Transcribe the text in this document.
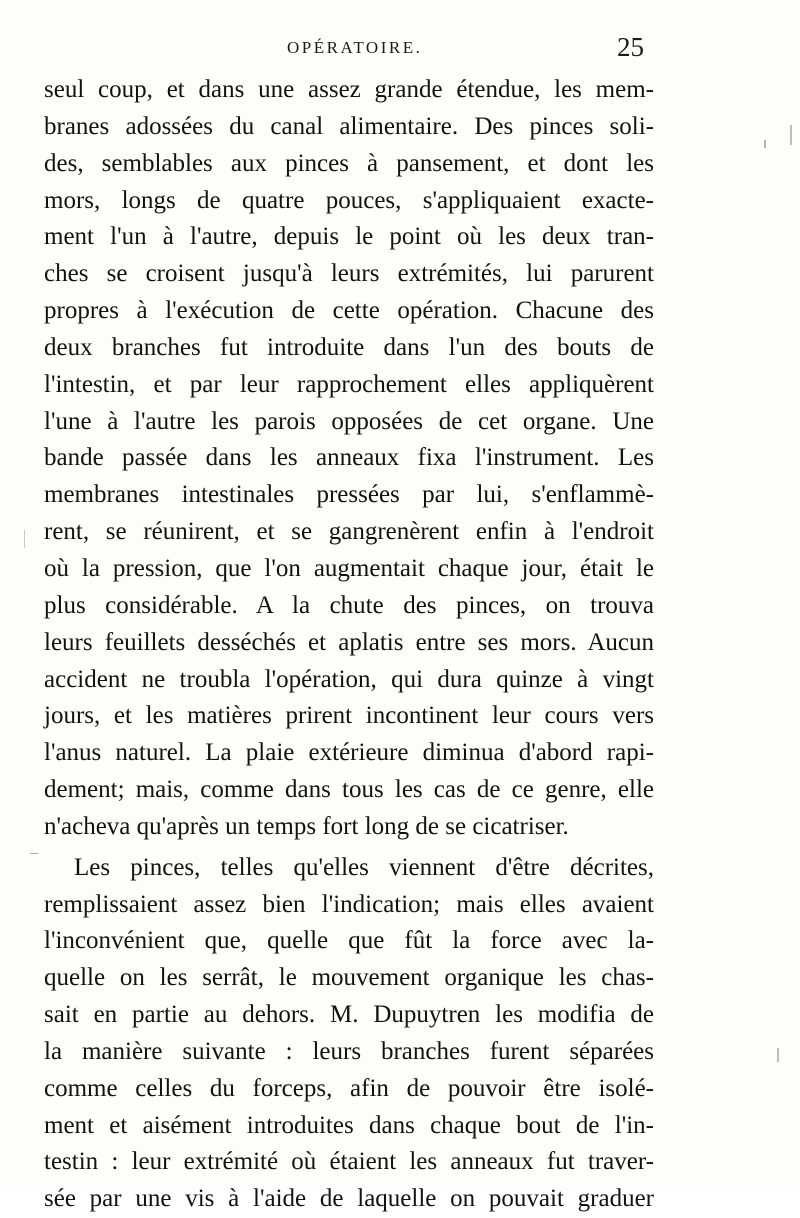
OPÉRATOIRE.	25
seul coup, et dans une assez grande étendue, les mem-
branes adossées du canal alimentaire. Des pinces soli-
des, semblables aux pinces à pansement, et dont les
mors, longs de quatre pouces, s'appliquaient exacte-
ment l'un à l'autre, depuis le point où les deux tran-
ches se croisent jusqu'à leurs extrémités, lui parurent
propres à l'exécution de cette opération. Chacune des
deux branches fut introduite dans l'un des bouts de
l'intestin, et par leur rapprochement elles appliquèrent
l'une à l'autre les parois opposées de cet organe. Une
bande passée dans les anneaux fixa l'instrument. Les
membranes intestinales pressées par lui, s'enflammè-
rent, se réunirent, et se gangrenèrent enfin à l'endroit
où la pression, que l'on augmentait chaque jour, était le
plus considérable. A la chute des pinces, on trouva
leurs feuillets desséchés et aplatis entre ses mors. Aucun
accident ne troubla l'opération, qui dura quinze à vingt
jours, et les matières prirent incontinent leur cours vers
l'anus naturel. La plaie extérieure diminua d'abord rapi-
dement; mais, comme dans tous les cas de ce genre, elle
n'acheva qu'après un temps fort long de se cicatriser.
Les pinces, telles qu'elles viennent d'être décrites,
remplissaient assez bien l'indication; mais elles avaient
l'inconvénient que, quelle que fût la force avec la-
quelle on les serrât, le mouvement organique les chas-
sait en partie au dehors. M. Dupuytren les modifia de
la manière suivante : leurs branches furent séparées
comme celles du forceps, afin de pouvoir être isolé-
ment et aisément introduites dans chaque bout de l'in-
testin : leur extrémité où étaient les anneaux fut traver-
sée par une vis à l'aide de laquelle on pouvait graduer
